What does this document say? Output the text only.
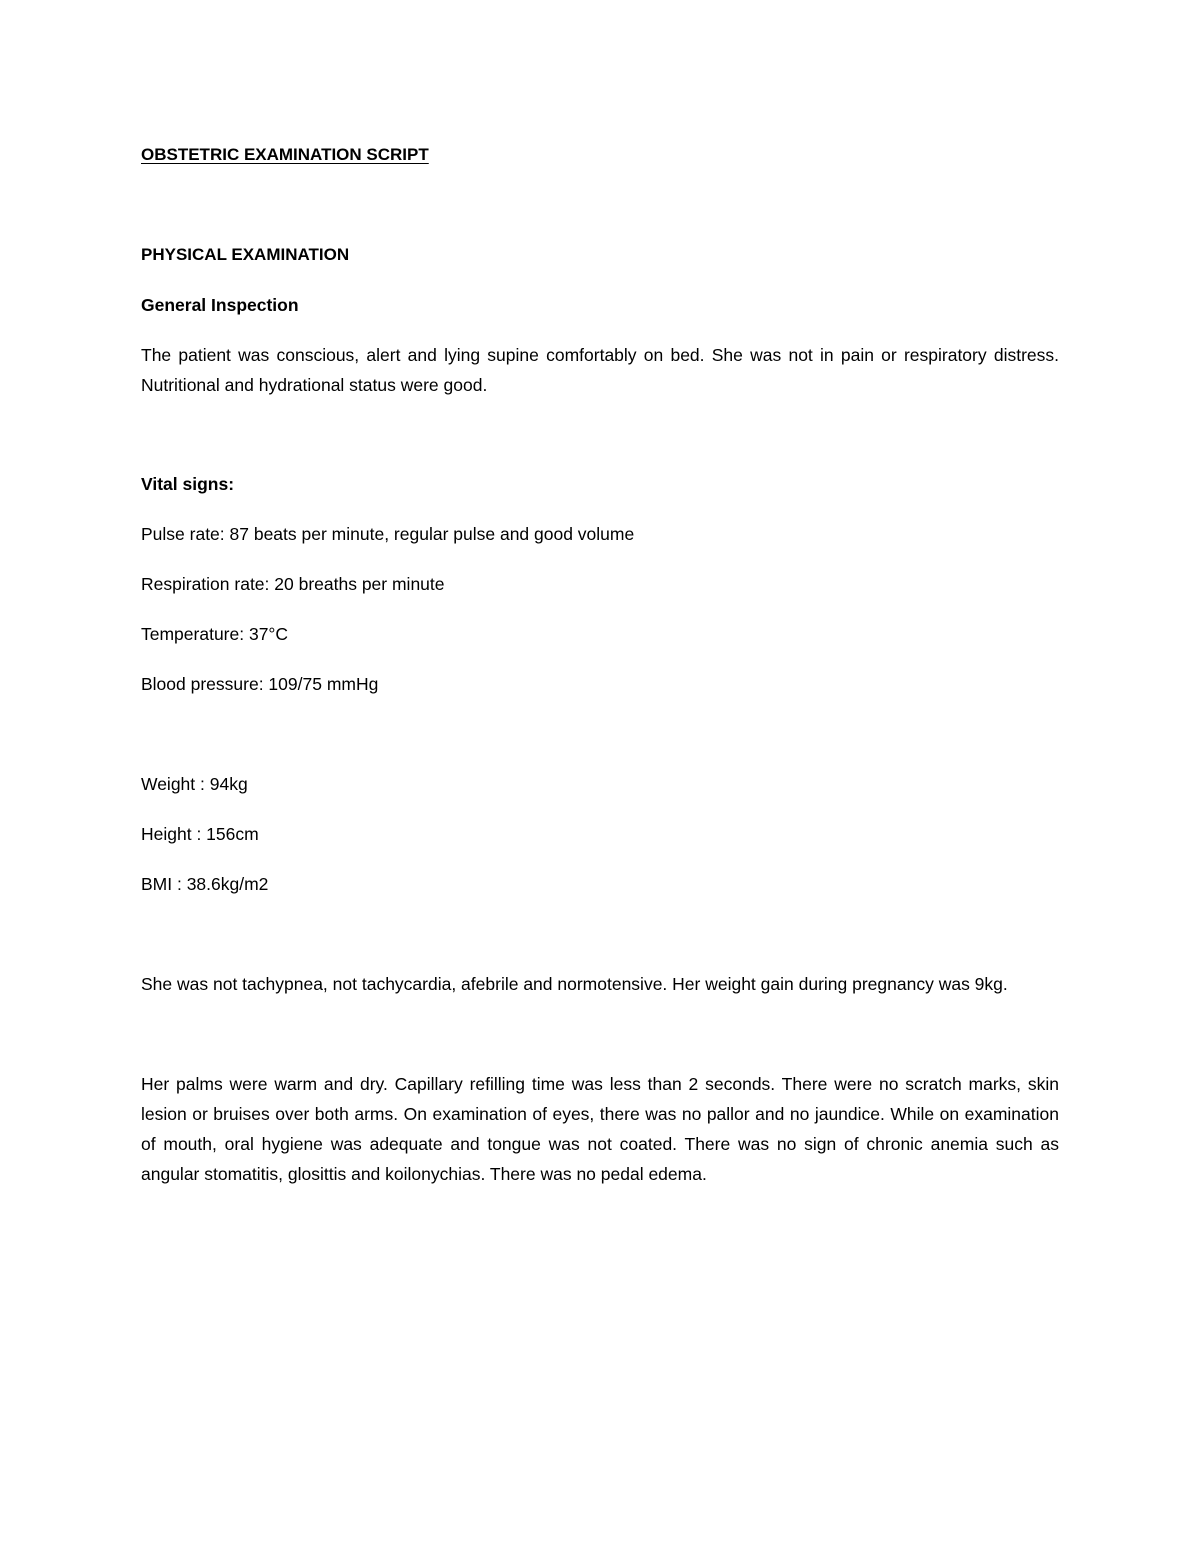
OBSTETRIC EXAMINATION SCRIPT
PHYSICAL EXAMINATION
General Inspection

The patient was conscious, alert and lying supine comfortably on bed. She was not in pain or respiratory distress. Nutritional and hydrational status were good.

Vital signs:

Pulse rate: 87 beats per minute, regular pulse and good volume

Respiration rate: 20 breaths per minute

Temperature: 37°C

Blood pressure: 109/75 mmHg

Weight : 94kg

Height : 156cm

BMI : 38.6kg/m2

She was not tachypnea, not tachycardia, afebrile and normotensive. Her weight gain during pregnancy was 9kg.

Her palms were warm and dry. Capillary refilling time was less than 2 seconds. There were no scratch marks, skin lesion or bruises over both arms. On examination of eyes, there was no pallor and no jaundice. While on examination of mouth, oral hygiene was adequate and tongue was not coated. There was no sign of chronic anemia such as angular stomatitis, glosittis and koilonychias. There was no pedal edema.
